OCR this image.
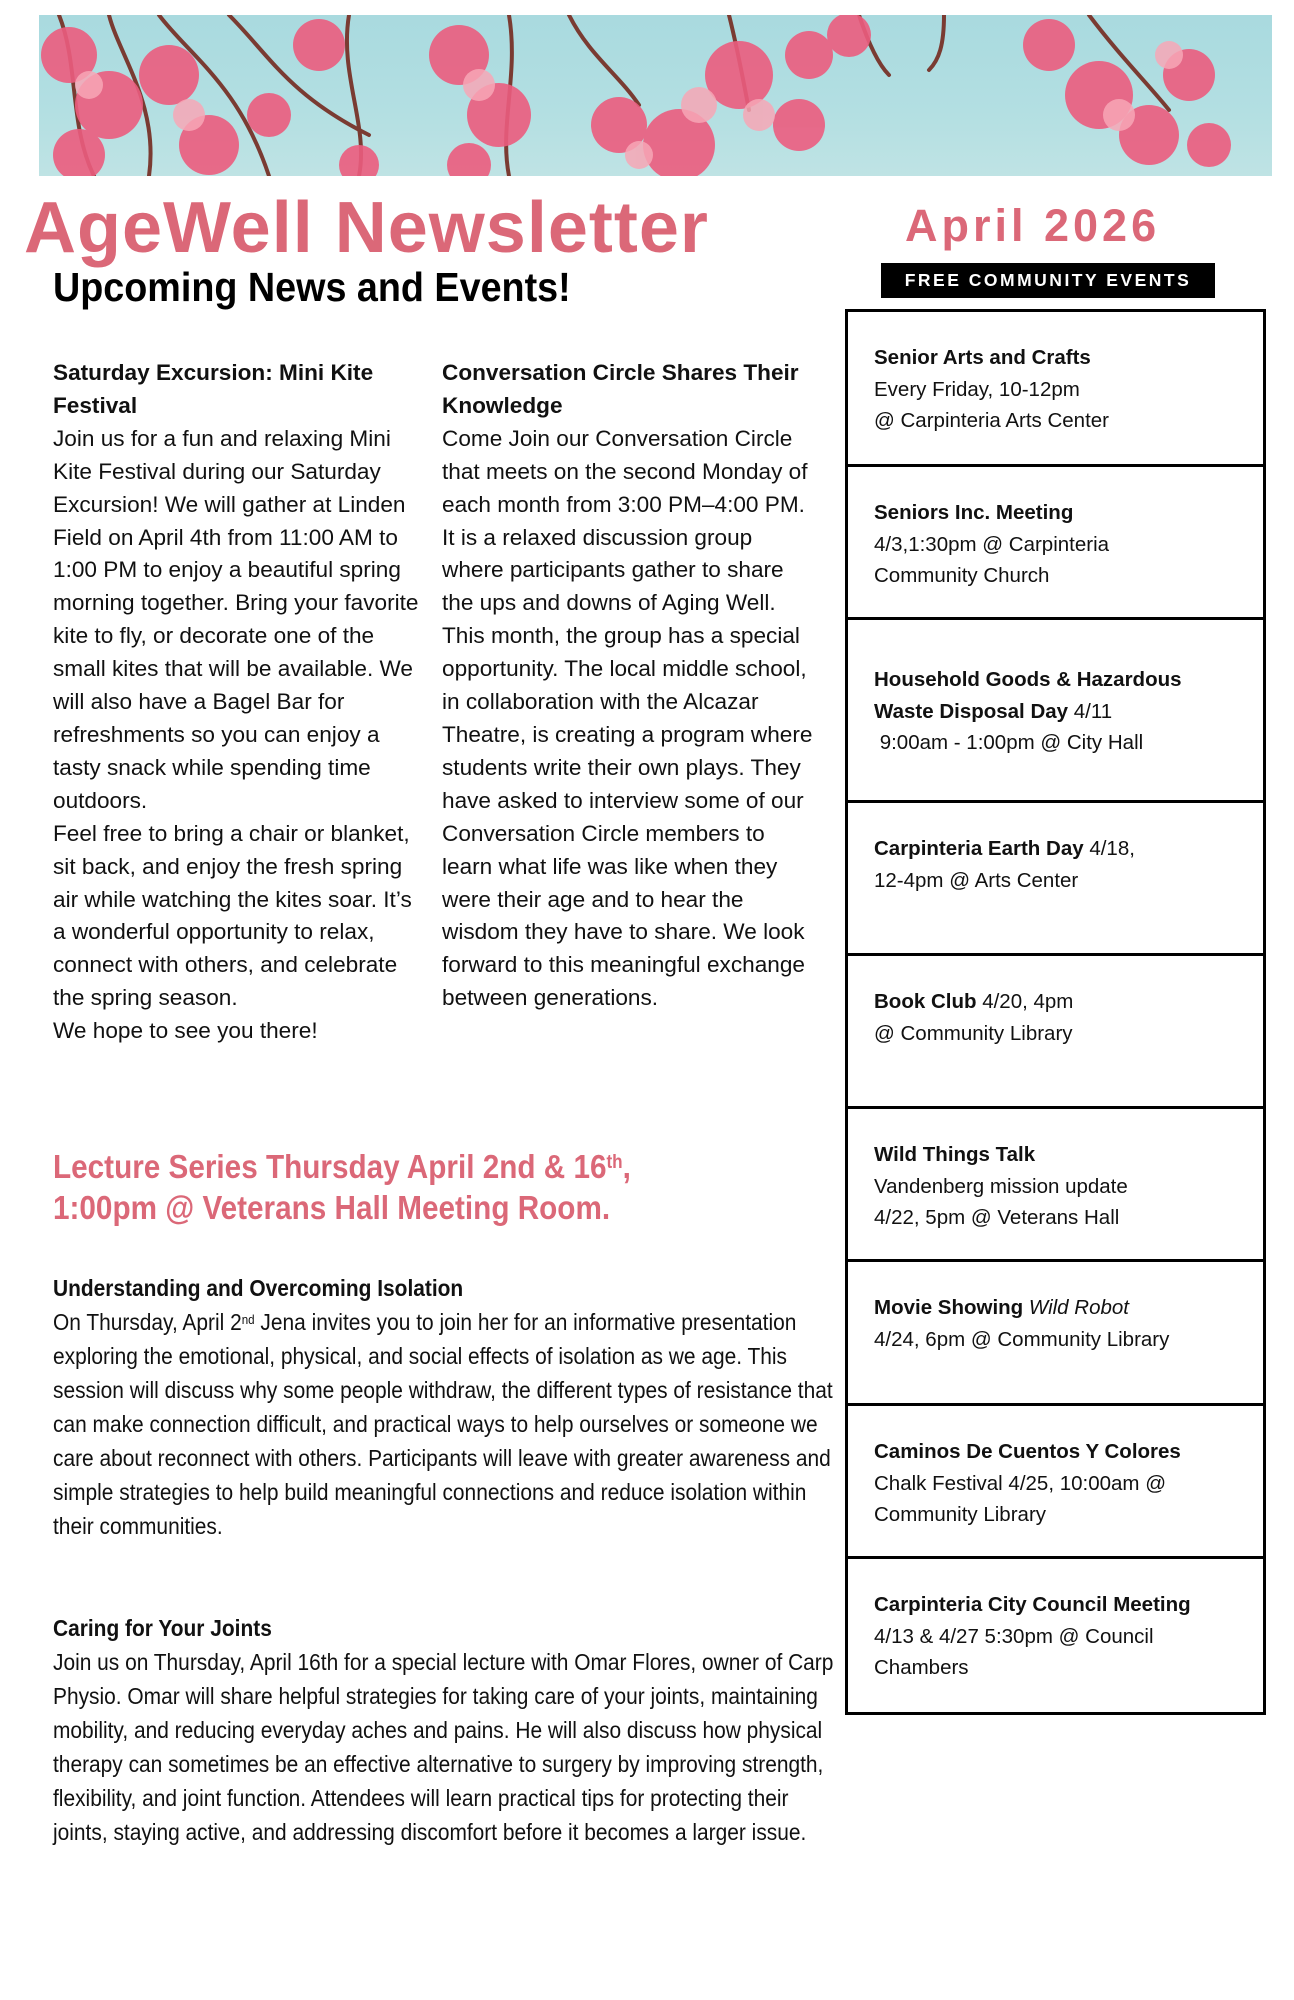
AgeWell Newsletter	April 2026
FREE COMMUNITY EVENTS
Upcoming News and Events!
Saturday Excursion: Mini Kite Festival

Join us for a fun and relaxing Mini Kite Festival during our Saturday Excursion! We will gather at Linden Field on April 4th from 11:00 AM to 1:00 PM to enjoy a beautiful spring morning together. Bring your favorite kite to fly, or decorate one of the small kites that will be available. We will also have a Bagel Bar for refreshments so you can enjoy a tasty snack while spending time outdoors.

Feel free to bring a chair or blanket, sit back, and enjoy the fresh spring air while watching the kites soar. It’s a wonderful opportunity to relax, connect with others, and celebrate the spring season.

We hope to see you there!

Conversation Circle Shares Their Knowledge

Come Join our Conversation Circle that meets on the second Monday of each month from 3:00 PM–4:00 PM. It is a relaxed discussion group where participants gather to share the ups and downs of Aging Well. This month, the group has a special opportunity. The local middle school, in collaboration with the Alcazar Theatre, is creating a program where students write their own plays. They have asked to interview some of our Conversation Circle members to learn what life was like when they were their age and to hear the wisdom they have to share. We look forward to this meaningful exchange between generations.

Lecture Series Thursday April 2nd & 16th,
1:00pm @ Veterans Hall Meeting Room.
Understanding and Overcoming Isolation

On Thursday, April 2nd Jena invites you to join her for an informative presentation exploring the emotional, physical, and social effects of isolation as we age. This session will discuss why some people withdraw, the different types of resistance that can make connection difficult, and practical ways to help ourselves or someone we care about reconnect with others. Participants will leave with greater awareness and simple strategies to help build meaningful connections and reduce isolation within their communities.

Caring for Your Joints

Join us on Thursday, April 16th for a special lecture with Omar Flores, owner of Carp Physio. Omar will share helpful strategies for taking care of your joints, maintaining mobility, and reducing everyday aches and pains. He will also discuss how physical therapy can sometimes be an effective alternative to surgery by improving strength, flexibility, and joint function. Attendees will learn practical tips for protecting their joints, staying active, and addressing discomfort before it becomes a larger issue.

Senior Arts and Crafts
Every Friday, 10-12pm
@ Carpinteria Arts Center
Seniors Inc. Meeting
4/3,1:30pm @ Carpinteria
Community Church
Household Goods & Hazardous Waste Disposal Day 4/11
9:00am - 1:00pm @ City Hall
Carpinteria Earth Day 4/18,
12-4pm @ Arts Center
Book Club 4/20, 4pm
@ Community Library
Wild Things Talk
Vandenberg mission update
4/22, 5pm @ Veterans Hall
Movie Showing Wild Robot
4/24, 6pm @ Community Library
Caminos De Cuentos Y Colores
Chalk Festival 4/25, 10:00am @
Community Library
Carpinteria City Council Meeting
4/13 & 4/27 5:30pm @ Council
Chambers
